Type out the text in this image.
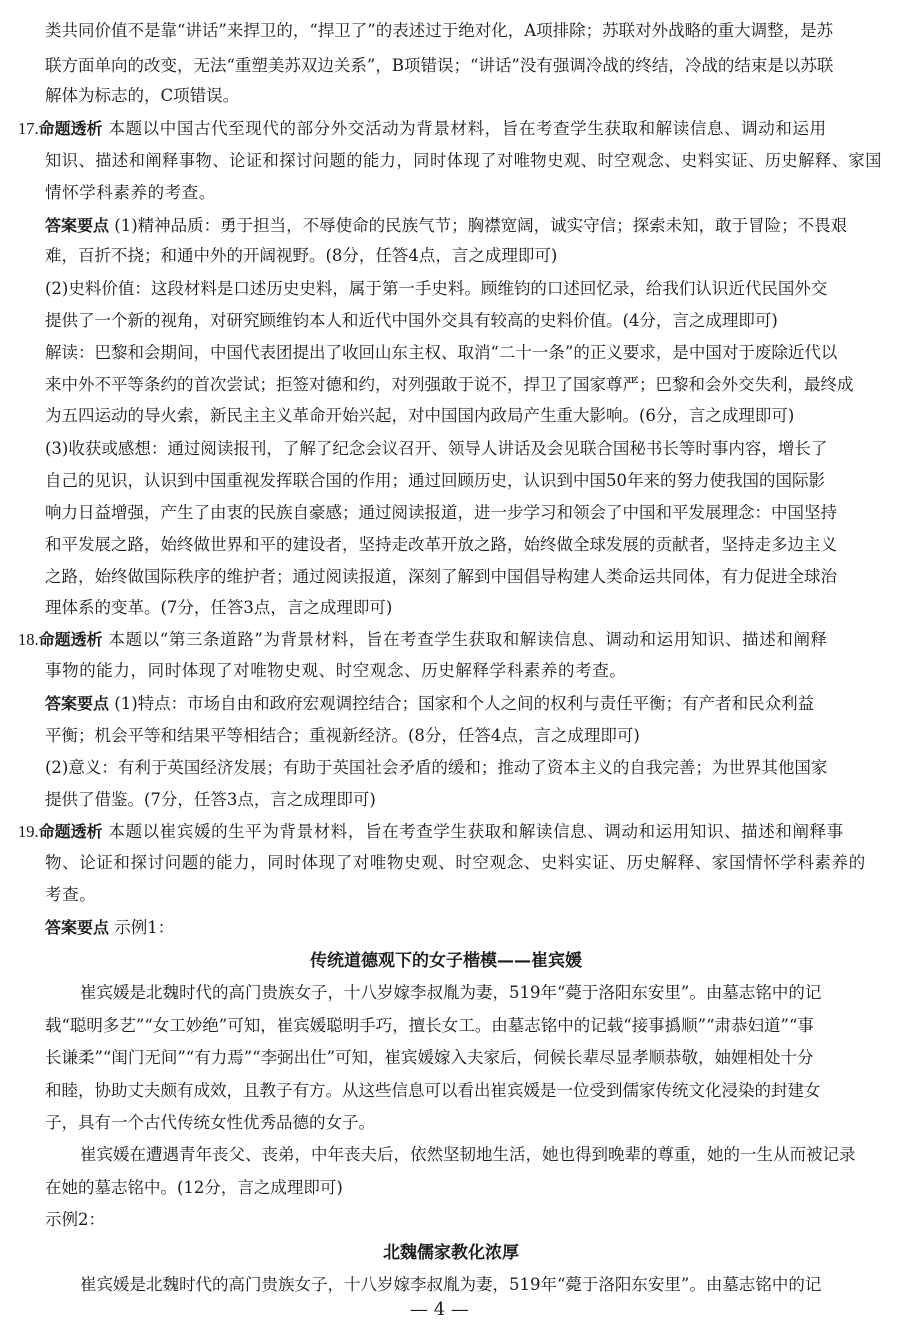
类共同价值不是靠“讲话”来捍卫的，“捍卫了”的表述过于绝对化，A项排除；苏联对外战略的重大调整，是苏
联方面单向的改变，无法“重塑美苏双边关系”，B项错误；“讲话”没有强调冷战的终结，冷战的结束是以苏联
解体为标志的，C项错误。
17.命题透析 本题以中国古代至现代的部分外交活动为背景材料，旨在考查学生获取和解读信息、调动和运用
知识、描述和阐释事物、论证和探讨问题的能力，同时体现了对唯物史观、时空观念、史料实证、历史解释、家国
情怀学科素养的考查。
答案要点 (1)精神品质：勇于担当，不辱使命的民族气节；胸襟宽阔，诚实守信；探索未知，敢于冒险；不畏艰
难，百折不挠；和通中外的开阔视野。(8分，任答4点，言之成理即可)
(2)史料价值：这段材料是口述历史史料，属于第一手史料。顾维钧的口述回忆录，给我们认识近代民国外交
提供了一个新的视角，对研究顾维钧本人和近代中国外交具有较高的史料价值。(4分，言之成理即可)
解读：巴黎和会期间，中国代表团提出了收回山东主权、取消“二十一条”的正义要求，是中国对于废除近代以
来中外不平等条约的首次尝试；拒签对德和约，对列强敢于说不，捍卫了国家尊严；巴黎和会外交失利，最终成
为五四运动的导火索，新民主主义革命开始兴起，对中国国内政局产生重大影响。(6分，言之成理即可)
(3)收获或感想：通过阅读报刊，了解了纪念会议召开、领导人讲话及会见联合国秘书长等时事内容，增长了
自己的见识，认识到中国重视发挥联合国的作用；通过回顾历史，认识到中国50年来的努力使我国的国际影
响力日益增强，产生了由衷的民族自豪感；通过阅读报道，进一步学习和领会了中国和平发展理念：中国坚持
和平发展之路，始终做世界和平的建设者，坚持走改革开放之路，始终做全球发展的贡献者，坚持走多边主义
之路，始终做国际秩序的维护者；通过阅读报道，深刻了解到中国倡导构建人类命运共同体，有力促进全球治
理体系的变革。(7分，任答3点，言之成理即可)
18.命题透析 本题以“第三条道路”为背景材料，旨在考查学生获取和解读信息、调动和运用知识、描述和阐释
事物的能力，同时体现了对唯物史观、时空观念、历史解释学科素养的考查。
答案要点 (1)特点：市场自由和政府宏观调控结合；国家和个人之间的权利与责任平衡；有产者和民众利益
平衡；机会平等和结果平等相结合；重视新经济。(8分，任答4点，言之成理即可)
(2)意义：有利于英国经济发展；有助于英国社会矛盾的缓和；推动了资本主义的自我完善；为世界其他国家
提供了借鉴。(7分，任答3点，言之成理即可)
19.命题透析 本题以崔宾媛的生平为背景材料，旨在考查学生获取和解读信息、调动和运用知识、描述和阐释事
物、论证和探讨问题的能力，同时体现了对唯物史观、时空观念、史料实证、历史解释、家国情怀学科素养的
考查。
答案要点 示例1：
传统道德观下的女子楷模——崔宾媛
崔宾媛是北魏时代的高门贵族女子，十八岁嫁李叔胤为妻，519年“薨于洛阳东安里”。由墓志铭中的记
载“聪明多艺”“女工妙绝”可知，崔宾媛聪明手巧，擅长女工。由墓志铭中的记载“接事撝顺”“肃恭妇道”“事
长谦柔”“闺门无间”“有力焉”“李弼出仕”可知，崔宾媛嫁入夫家后，伺候长辈尽显孝顺恭敬，妯娌相处十分
和睦，协助丈夫颇有成效，且教子有方。从这些信息可以看出崔宾媛是一位受到儒家传统文化浸染的封建女
子，具有一个古代传统女性优秀品德的女子。
崔宾媛在遭遇青年丧父、丧弟，中年丧夫后，依然坚韧地生活，她也得到晚辈的尊重，她的一生从而被记录
在她的墓志铭中。(12分，言之成理即可)
示例2：
北魏儒家教化浓厚
崔宾媛是北魏时代的高门贵族女子，十八岁嫁李叔胤为妻，519年“薨于洛阳东安里”。由墓志铭中的记
— 4 —
